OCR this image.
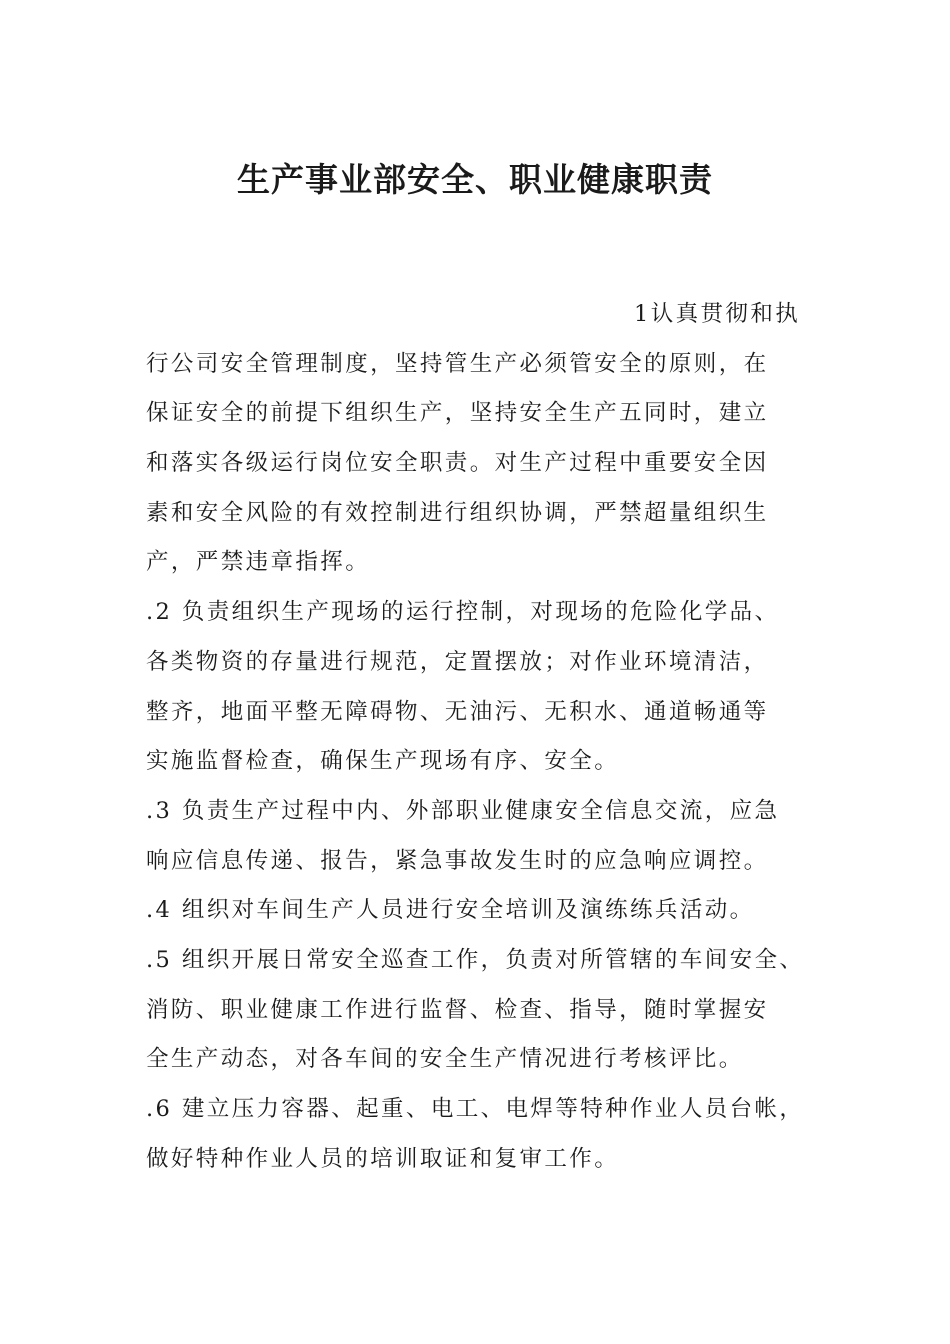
生产事业部安全、职业健康职责
1认真贯彻和执
行公司安全管理制度，坚持管生产必须管安全的原则，在
保证安全的前提下组织生产，坚持安全生产五同时，建立
和落实各级运行岗位安全职责。对生产过程中重要安全因
素和安全风险的有效控制进行组织协调，严禁超量组织生
产，严禁违章指挥。
.2 负责组织生产现场的运行控制，对现场的危险化学品、
各类物资的存量进行规范，定置摆放；对作业环境清洁，
整齐，地面平整无障碍物、无油污、无积水、通道畅通等
实施监督检查，确保生产现场有序、安全。
.3 负责生产过程中内、外部职业健康安全信息交流，应急
响应信息传递、报告，紧急事故发生时的应急响应调控。
.4 组织对车间生产人员进行安全培训及演练练兵活动。
.5 组织开展日常安全巡查工作，负责对所管辖的车间安全、
消防、职业健康工作进行监督、检查、指导，随时掌握安
全生产动态，对各车间的安全生产情况进行考核评比。
.6 建立压力容器、起重、电工、电焊等特种作业人员台帐，
做好特种作业人员的培训取证和复审工作。
